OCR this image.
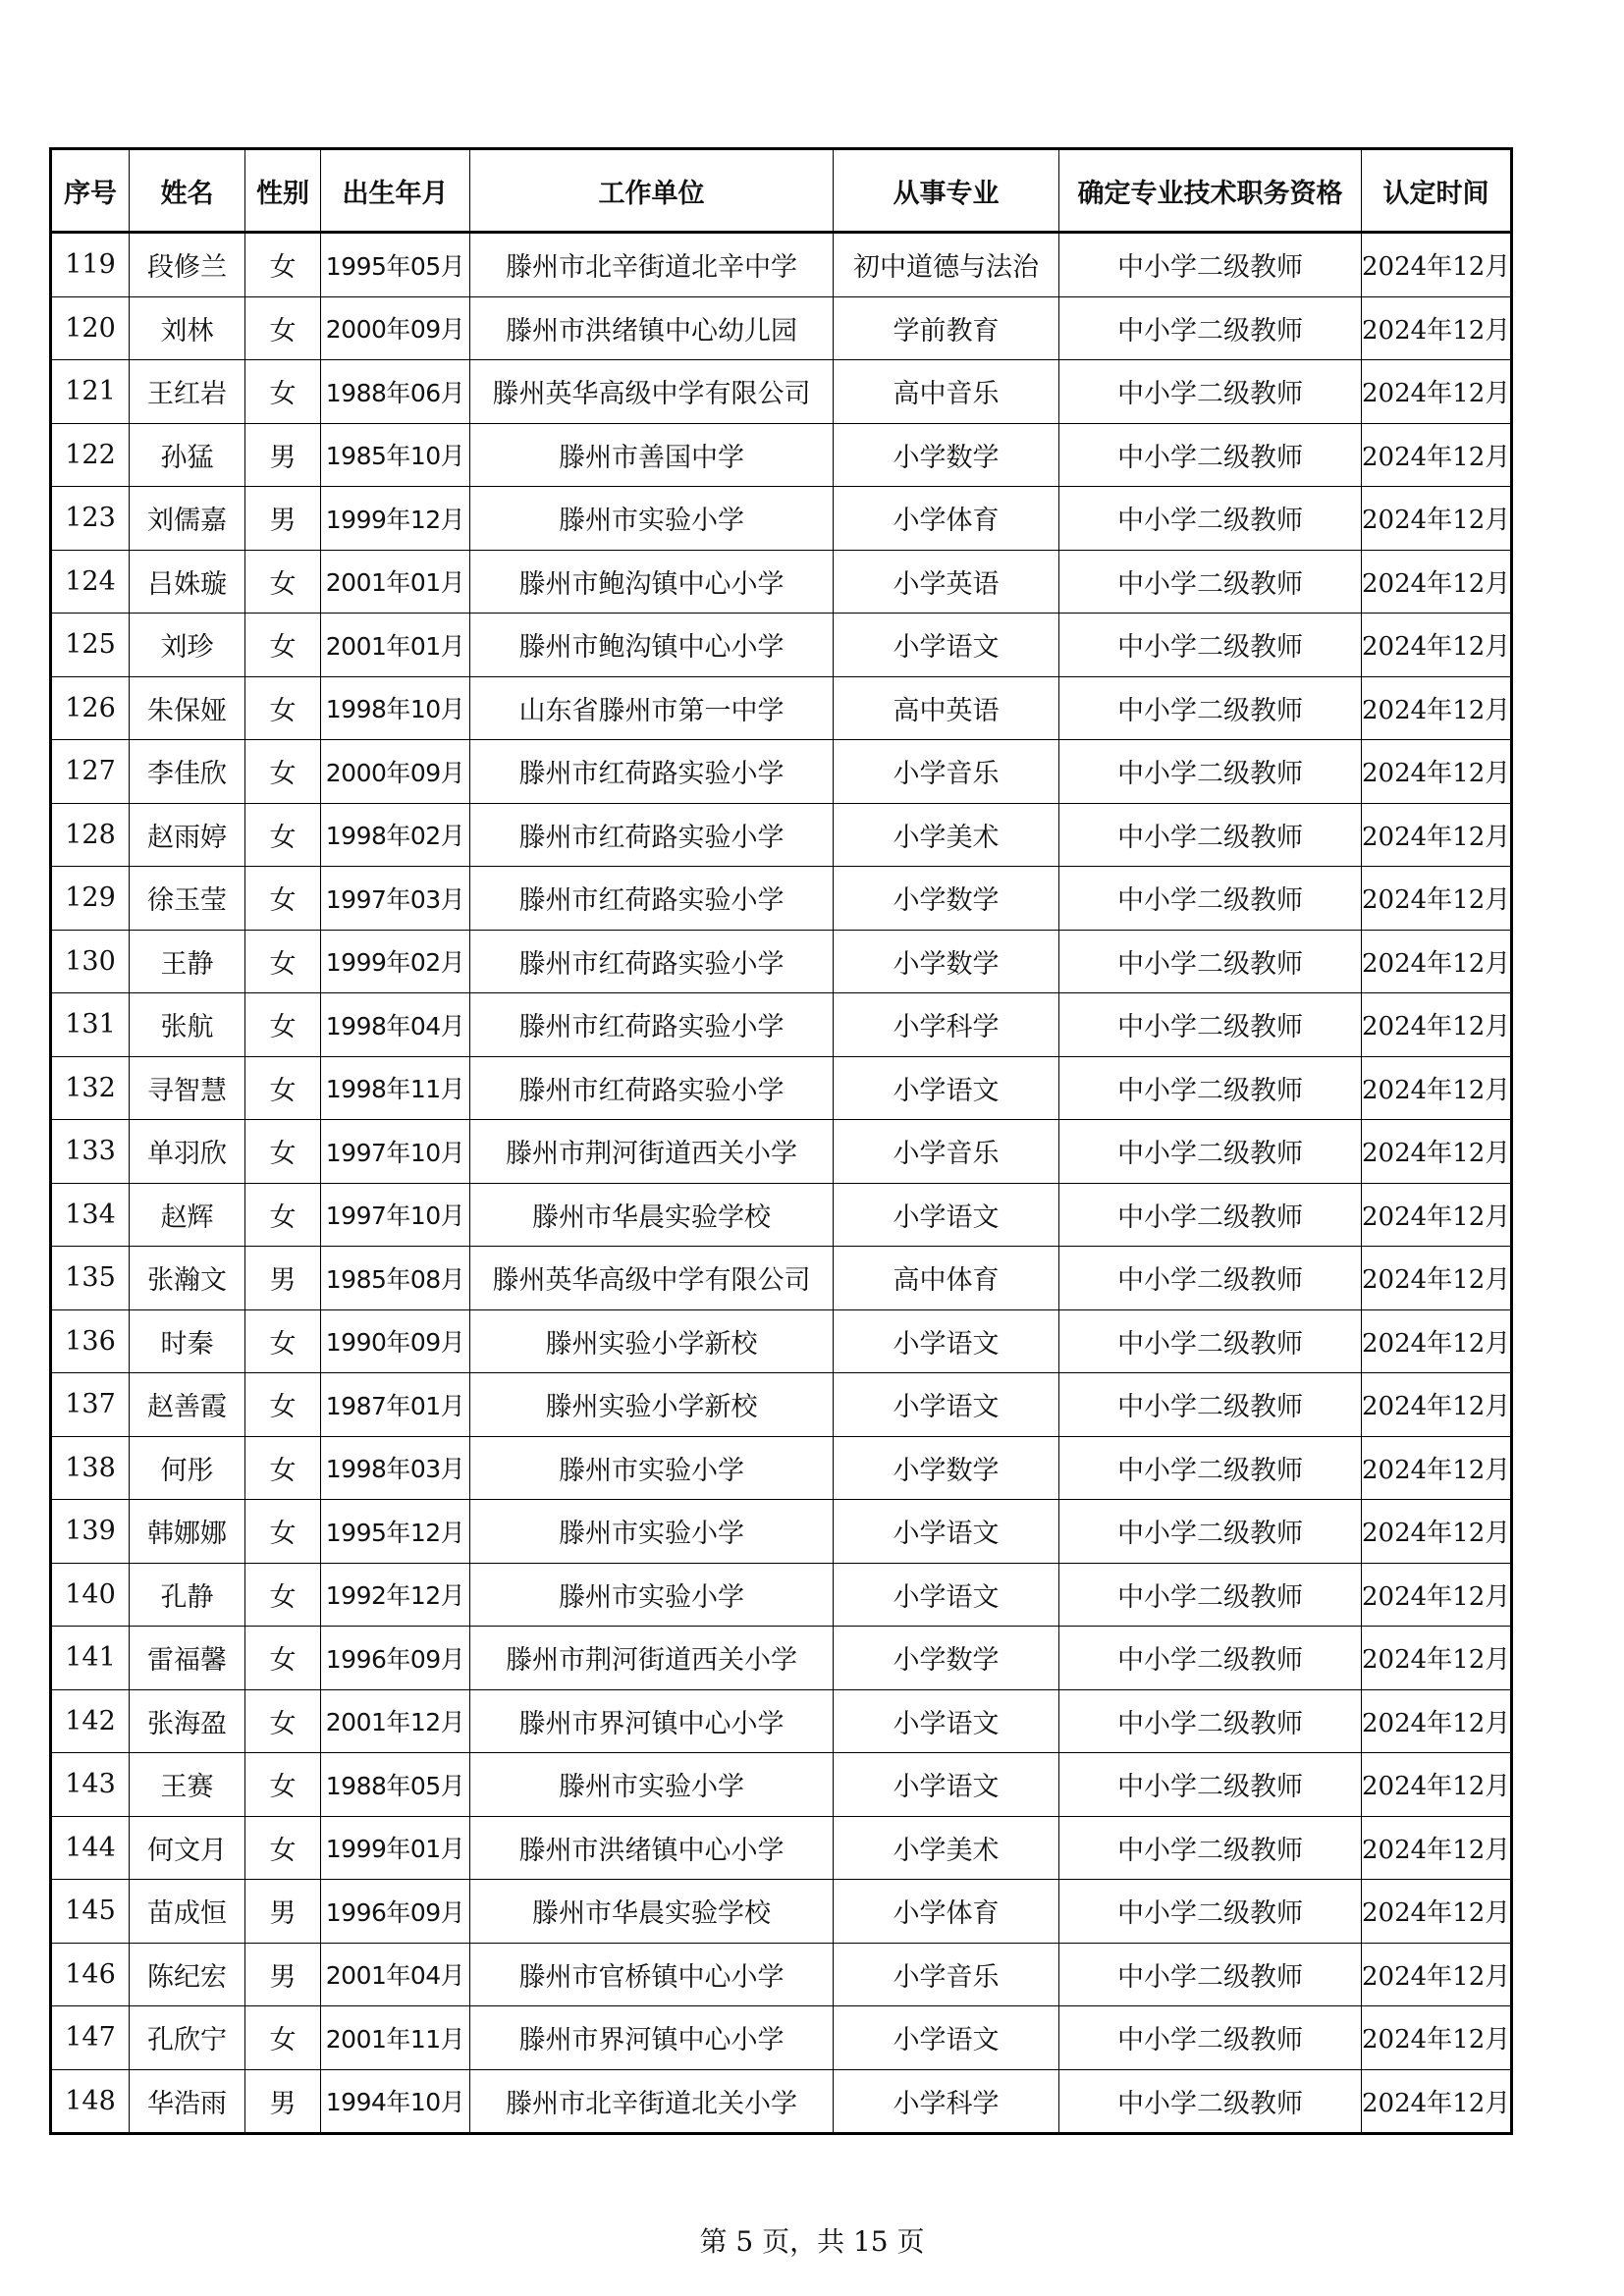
序号	姓名	性别	出生年月	工作单位	从事专业	确定专业技术职务资格	认定时间
119	段修兰	女	1995年05月	滕州市北辛街道北辛中学	初中道德与法治	中小学二级教师	2024年12月
120	刘林	女	2000年09月	滕州市洪绪镇中心幼儿园	学前教育	中小学二级教师	2024年12月
121	王红岩	女	1988年06月	滕州英华高级中学有限公司	高中音乐	中小学二级教师	2024年12月
122	孙猛	男	1985年10月	滕州市善国中学	小学数学	中小学二级教师	2024年12月
123	刘儒嘉	男	1999年12月	滕州市实验小学	小学体育	中小学二级教师	2024年12月
124	吕姝璇	女	2001年01月	滕州市鲍沟镇中心小学	小学英语	中小学二级教师	2024年12月
125	刘珍	女	2001年01月	滕州市鲍沟镇中心小学	小学语文	中小学二级教师	2024年12月
126	朱保娅	女	1998年10月	山东省滕州市第一中学	高中英语	中小学二级教师	2024年12月
127	李佳欣	女	2000年09月	滕州市红荷路实验小学	小学音乐	中小学二级教师	2024年12月
128	赵雨婷	女	1998年02月	滕州市红荷路实验小学	小学美术	中小学二级教师	2024年12月
129	徐玉莹	女	1997年03月	滕州市红荷路实验小学	小学数学	中小学二级教师	2024年12月
130	王静	女	1999年02月	滕州市红荷路实验小学	小学数学	中小学二级教师	2024年12月
131	张航	女	1998年04月	滕州市红荷路实验小学	小学科学	中小学二级教师	2024年12月
132	寻智慧	女	1998年11月	滕州市红荷路实验小学	小学语文	中小学二级教师	2024年12月
133	单羽欣	女	1997年10月	滕州市荆河街道西关小学	小学音乐	中小学二级教师	2024年12月
134	赵辉	女	1997年10月	滕州市华晨实验学校	小学语文	中小学二级教师	2024年12月
135	张瀚文	男	1985年08月	滕州英华高级中学有限公司	高中体育	中小学二级教师	2024年12月
136	时秦	女	1990年09月	滕州实验小学新校	小学语文	中小学二级教师	2024年12月
137	赵善霞	女	1987年01月	滕州实验小学新校	小学语文	中小学二级教师	2024年12月
138	何彤	女	1998年03月	滕州市实验小学	小学数学	中小学二级教师	2024年12月
139	韩娜娜	女	1995年12月	滕州市实验小学	小学语文	中小学二级教师	2024年12月
140	孔静	女	1992年12月	滕州市实验小学	小学语文	中小学二级教师	2024年12月
141	雷福馨	女	1996年09月	滕州市荆河街道西关小学	小学数学	中小学二级教师	2024年12月
142	张海盈	女	2001年12月	滕州市界河镇中心小学	小学语文	中小学二级教师	2024年12月
143	王赛	女	1988年05月	滕州市实验小学	小学语文	中小学二级教师	2024年12月
144	何文月	女	1999年01月	滕州市洪绪镇中心小学	小学美术	中小学二级教师	2024年12月
145	苗成恒	男	1996年09月	滕州市华晨实验学校	小学体育	中小学二级教师	2024年12月
146	陈纪宏	男	2001年04月	滕州市官桥镇中心小学	小学音乐	中小学二级教师	2024年12月
147	孔欣宁	女	2001年11月	滕州市界河镇中心小学	小学语文	中小学二级教师	2024年12月
148	华浩雨	男	1994年10月	滕州市北辛街道北关小学	小学科学	中小学二级教师	2024年12月
第 5 页，共 15 页
